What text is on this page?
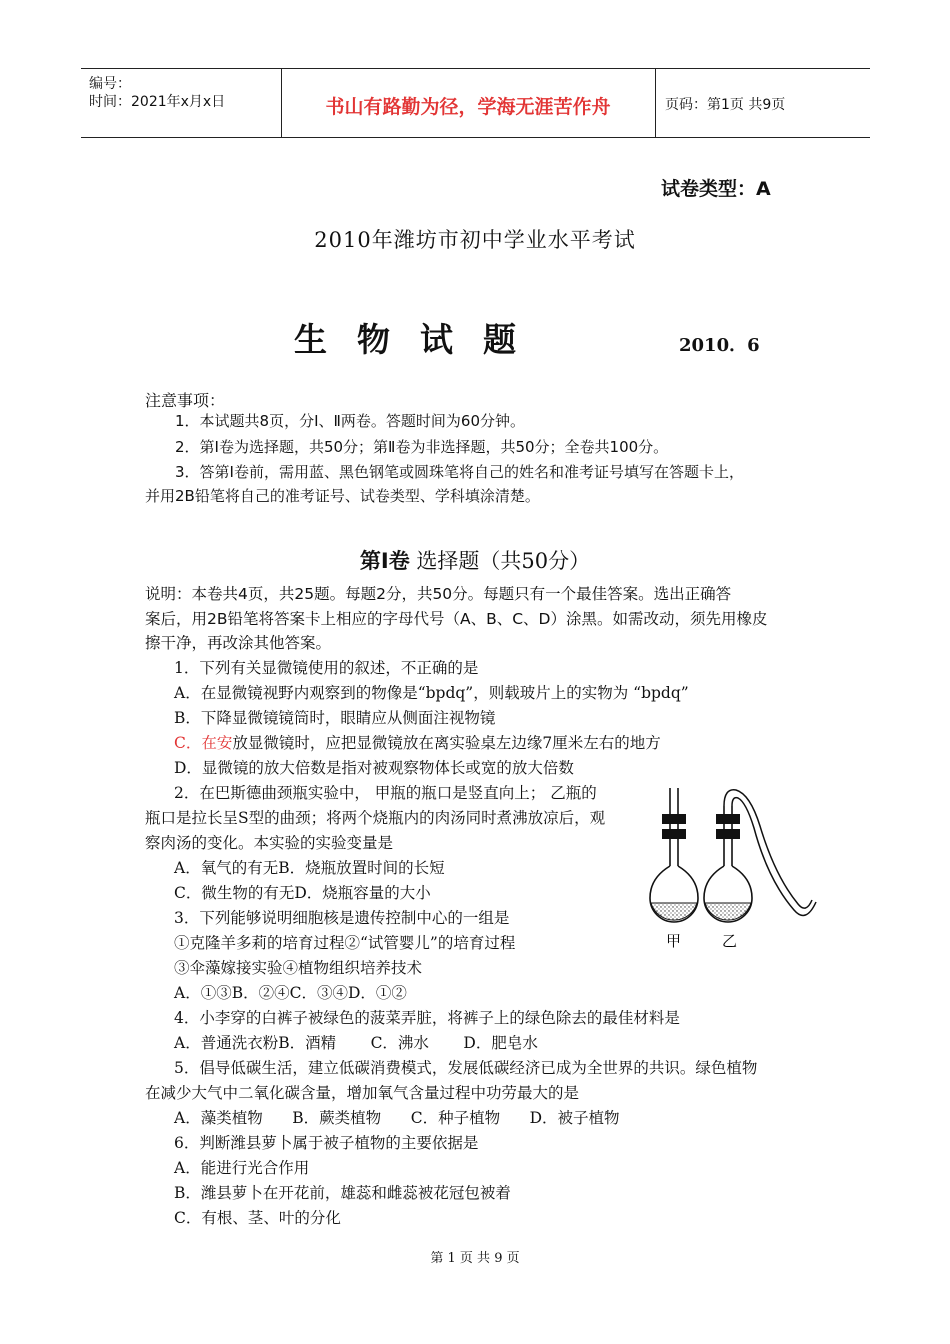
编号：
时间：2021年x月x日	书山有路勤为径，学海无涯苦作舟	页码：第1页 共9页
试卷类型：A
2010年潍坊市初中学业水平考试
生物试题	2010．6
注意事项：
1．本试题共8页，分Ⅰ、Ⅱ两卷。答题时间为60分钟。
2．第Ⅰ卷为选择题，共50分；第Ⅱ卷为非选择题，共50分；全卷共100分。
3．答第Ⅰ卷前，需用蓝、黑色钢笔或圆珠笔将自己的姓名和准考证号填写在答题卡上，
并用2B铅笔将自己的准考证号、试卷类型、学科填涂清楚。
第Ⅰ卷 选择题（共50分）
说明：本卷共4页，共25题。每题2分，共50分。每题只有一个最佳答案。选出正确答
案后，用2B铅笔将答案卡上相应的字母代号（A、B、C、D）涂黑。如需改动，须先用橡皮
擦干净，再改涂其他答案。
1．下列有关显微镜使用的叙述，不正确的是
A．在显微镜视野内观察到的物像是“bpdq”，则载玻片上的实物为 “bpdq”
B．下降显微镜镜筒时，眼睛应从侧面注视物镜
C．在安放显微镜时，应把显微镜放在离实验桌左边缘7厘米左右的地方
D．显微镜的放大倍数是指对被观察物体长或宽的放大倍数
2．在巴斯德曲颈瓶实验中， 甲瓶的瓶口是竖直向上； 乙瓶的
瓶口是拉长呈S型的曲颈；将两个烧瓶内的肉汤同时煮沸放凉后，观
察肉汤的变化。本实验的实验变量是
A．氧气的有无B．烧瓶放置时间的长短
C．微生物的有无D．烧瓶容量的大小
3．下列能够说明细胞核是遗传控制中心的一组是
①克隆羊多莉的培育过程②“试管婴儿”的培育过程
③伞藻嫁接实验④植物组织培养技术
A．①③B．②④C．③④D．①②
4．小李穿的白裤子被绿色的菠菜弄脏，将裤子上的绿色除去的最佳材料是
A．普通洗衣粉B．酒精       C．沸水       D．肥皂水
5．倡导低碳生活，建立低碳消费模式，发展低碳经济已成为全世界的共识。绿色植物
在减少大气中二氧化碳含量，增加氧气含量过程中功劳最大的是
A．藻类植物      B．蕨类植物      C．种子植物      D．被子植物
6．判断潍县萝卜属于被子植物的主要依据是
A．能进行光合作用
B．潍县萝卜在开花前，雄蕊和雌蕊被花冠包被着
C．有根、茎、叶的分化
甲	乙
第 1 页 共 9 页
